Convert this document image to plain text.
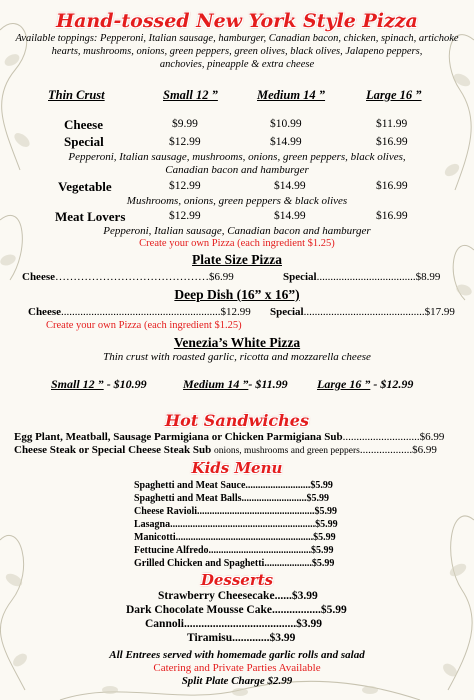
Hand-tossed New York Style Pizza
Available toppings: Pepperoni, Italian sausage, hamburger, Canadian bacon, chicken, spinach, artichoke
hearts, mushrooms, onions, green peppers, green olives, black olives, Jalapeno peppers,
anchovies, pineapple & extra cheese
Thin Crust	Small 12 ”	Medium 14 ”	Large 16 ”
Cheese	$9.99	$10.99	$11.99
Special	$12.99	$14.99	$16.99
Pepperoni, Italian sausage, mushrooms, onions, green peppers, black olives,
Canadian bacon and hamburger
Vegetable	$12.99	$14.99	$16.99
Mushrooms, onions, green peppers & black olives
Meat Lovers	$12.99	$14.99	$16.99
Pepperoni, Italian sausage, Canadian bacon and hamburger
Create your own Pizza (each ingredient $1.25)
Plate Size Pizza
Cheese……………………………………$6.99	Special....................................$8.99
Deep Dish (16” x 16”)
Cheese..........................................................$12.99 Special............................................$17.99
Create your own Pizza (each ingredient $1.25)
Venezia’s White Pizza
Thin crust with roasted garlic, ricotta and mozzarella cheese
Small 12 ” - $10.99	Medium 14 ”- $11.99 Large 16 ” - $12.99
Hot Sandwiches
Egg Plant, Meatball, Sausage Parmigiana or Chicken Parmigiana Sub............................$6.99
Cheese Steak or Special Cheese Steak Sub onions, mushrooms and green peppers...................$6.99
Kids Menu
Spaghetti and Meat Sauce..........................$5.99
Spaghetti and Meat Balls..........................$5.99
Cheese Ravioli...............................................$5.99
Lasagna..........................................................$5.99
Manicotti.......................................................$5.99
Fettucine Alfredo.........................................$5.99
Grilled Chicken and Spaghetti...................$5.99
Desserts
Strawberry Cheesecake......$3.99
Dark Chocolate Mousse Cake.................$5.99
Cannoli.......................................$3.99
Tiramisu.............$3.99
All Entrees served with homemade garlic rolls and salad
Catering and Private Parties Available
Split Plate Charge $2.99
